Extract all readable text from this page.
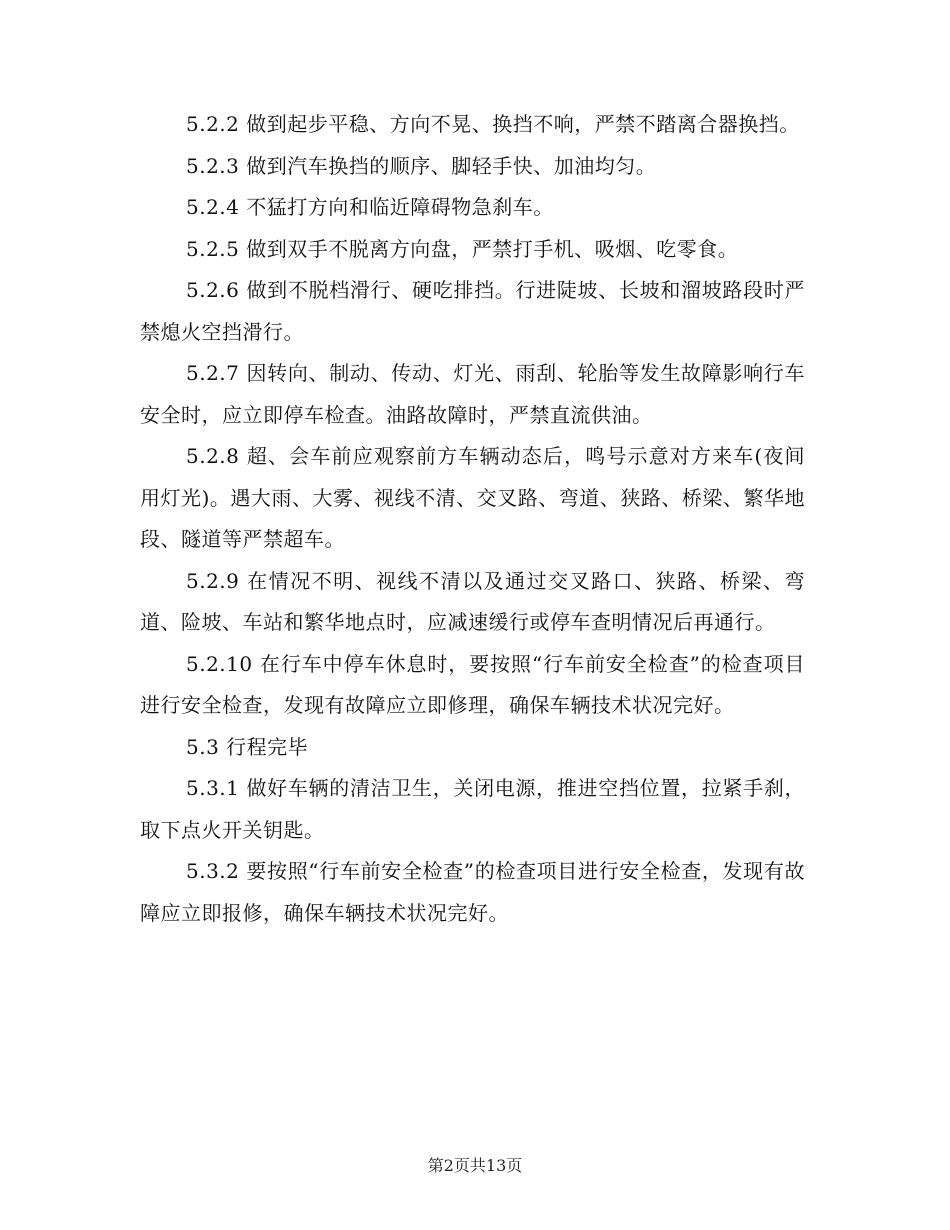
5.2.2 做到起步平稳、方向不晃、换挡不响，严禁不踏离合器换挡。

5.2.3 做到汽车换挡的顺序、脚轻手快、加油均匀。

5.2.4 不猛打方向和临近障碍物急刹车。

5.2.5 做到双手不脱离方向盘，严禁打手机、吸烟、吃零食。

5.2.6 做到不脱档滑行、硬吃排挡。行进陡坡、长坡和溜坡路段时严禁熄火空挡滑行。

5.2.7 因转向、制动、传动、灯光、雨刮、轮胎等发生故障影响行车安全时，应立即停车检查。油路故障时，严禁直流供油。

5.2.8 超、会车前应观察前方车辆动态后，鸣号示意对方来车(夜间用灯光)。遇大雨、大雾、视线不清、交叉路、弯道、狭路、桥梁、繁华地段、隧道等严禁超车。

5.2.9 在情况不明、视线不清以及通过交叉路口、狭路、桥梁、弯道、险坡、车站和繁华地点时，应减速缓行或停车查明情况后再通行。

5.2.10 在行车中停车休息时，要按照“行车前安全检查”的检查项目进行安全检查，发现有故障应立即修理，确保车辆技术状况完好。

5.3 行程完毕

5.3.1 做好车辆的清洁卫生，关闭电源，推进空挡位置，拉紧手刹，取下点火开关钥匙。

5.3.2 要按照“行车前安全检查”的检查项目进行安全检查，发现有故障应立即报修，确保车辆技术状况完好。

第2页共13页
